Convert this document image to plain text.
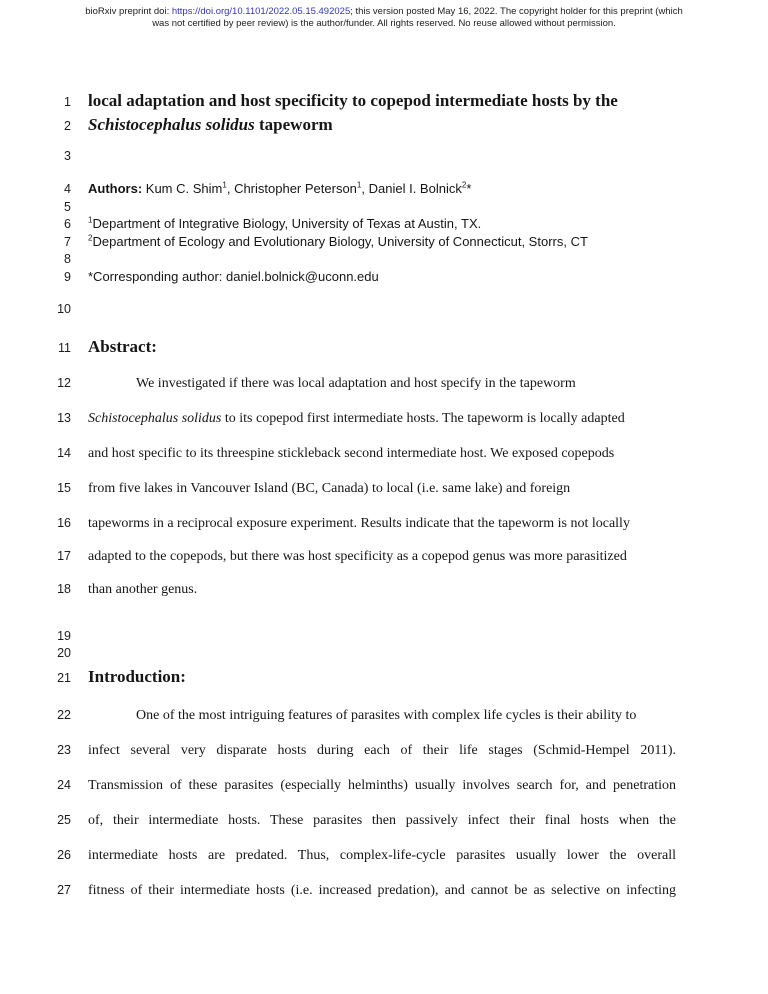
bioRxiv preprint doi: https://doi.org/10.1101/2022.05.15.492025; this version posted May 16, 2022. The copyright holder for this preprint (which
was not certified by peer review) is the author/funder. All rights reserved. No reuse allowed without permission.
1 local adaptation and host specificity to copepod intermediate hosts by the
2 Schistocephalus solidus tapeworm
3
4 Authors: Kum C. Shim$^1$, Christopher Peterson$^1$, Daniel I. Bolnick$^2$*
5
6 $^1$Department of Integrative Biology, University of Texas at Austin, TX.
7 $^2$Department of Ecology and Evolutionary Biology, University of Connecticut, Storrs, CT
8
9 *Corresponding author: daniel.bolnick@uconn.edu
10
11 Abstract:
12	We investigated if there was local adaptation and host specify in the tapeworm
13 Schistocephalus solidus to its copepod first intermediate hosts. The tapeworm is locally adapted
14 and host specific to its threespine stickleback second intermediate host. We exposed copepods
15 from five lakes in Vancouver Island (BC, Canada) to local (i.e. same lake) and foreign
16 tapeworms in a reciprocal exposure experiment. Results indicate that the tapeworm is not locally
17 adapted to the copepods, but there was host specificity as a copepod genus was more parasitized
18 than another genus.
19
20
21 Introduction:
22	One of the most intriguing features of parasites with complex life cycles is their ability to
23 infect several very disparate hosts during each of their life stages (Schmid-Hempel 2011).
24 Transmission of these parasites (especially helminths) usually involves search for, and penetration
25 of, their intermediate hosts. These parasites then passively infect their final hosts when the
26 intermediate hosts are predated. Thus, complex-life-cycle parasites usually lower the overall
27 fitness of their intermediate hosts (i.e. increased predation), and cannot be as selective on infecting
